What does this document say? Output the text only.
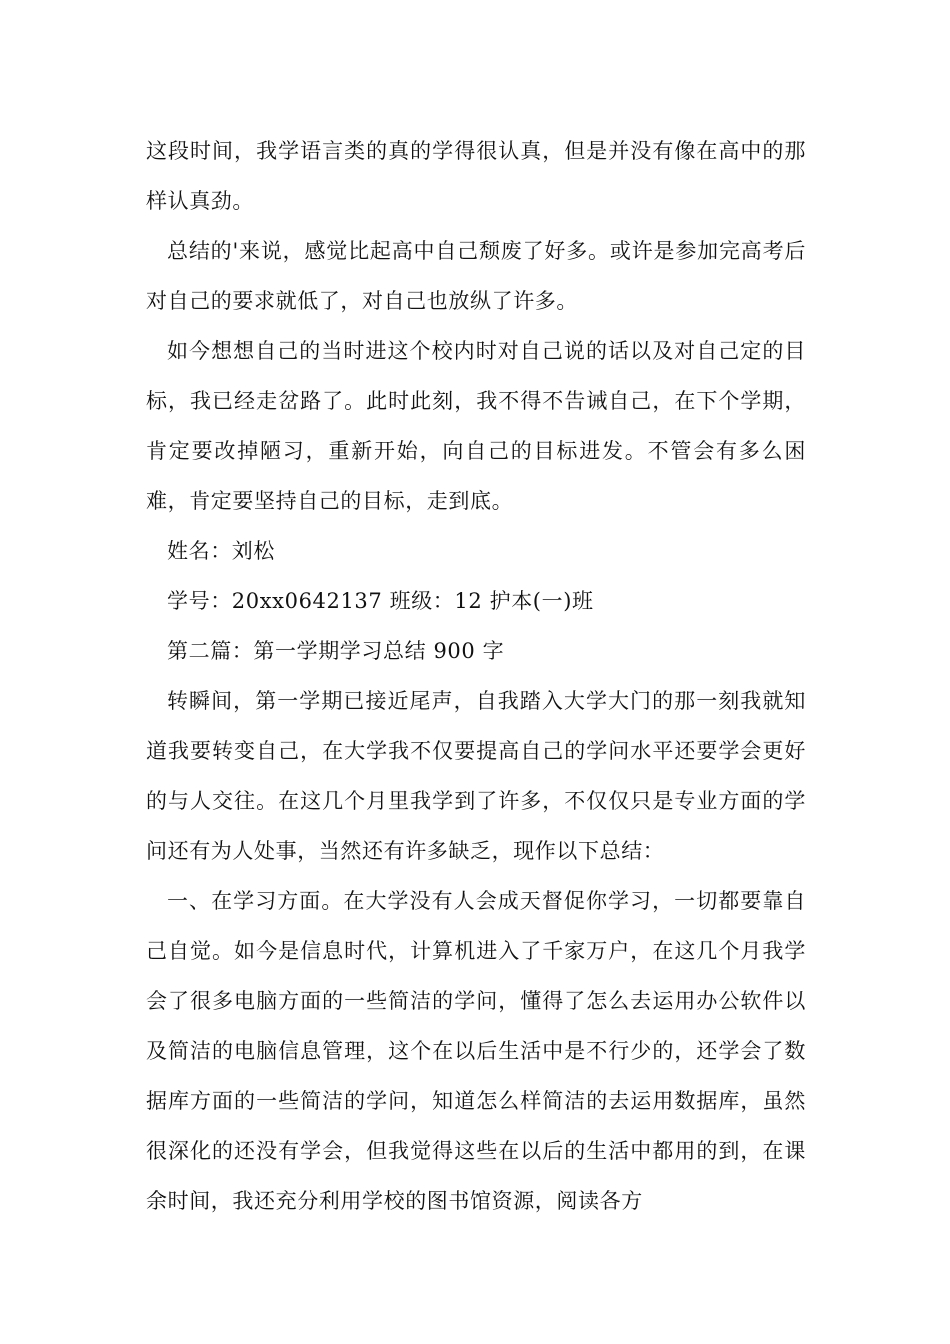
这段时间，我学语言类的真的学得很认真，但是并没有像在高中的那样认真劲。

总结的'来说，感觉比起高中自己颓废了好多。或许是参加完高考后对自己的要求就低了，对自己也放纵了许多。

如今想想自己的当时进这个校内时对自己说的话以及对自己定的目标，我已经走岔路了。此时此刻，我不得不告诫自己，在下个学期，肯定要改掉陋习，重新开始，向自己的目标进发。不管会有多么困难，肯定要坚持自己的目标，走到底。

姓名：刘松

学号：20xx0642137 班级：12 护本(一)班

第二篇：第一学期学习总结 900 字

转瞬间，第一学期已接近尾声，自我踏入大学大门的那一刻我就知道我要转变自己，在大学我不仅要提高自己的学问水平还要学会更好的与人交往。在这几个月里我学到了许多，不仅仅只是专业方面的学问还有为人处事，当然还有许多缺乏，现作以下总结：

一、在学习方面。在大学没有人会成天督促你学习，一切都要靠自己自觉。如今是信息时代，计算机进入了千家万户，在这几个月我学会了很多电脑方面的一些简洁的学问，懂得了怎么去运用办公软件以及简洁的电脑信息管理，这个在以后生活中是不行少的，还学会了数据库方面的一些简洁的学问，知道怎么样简洁的去运用数据库，虽然很深化的还没有学会，但我觉得这些在以后的生活中都用的到，在课余时间，我还充分利用学校的图书馆资源，阅读各方
